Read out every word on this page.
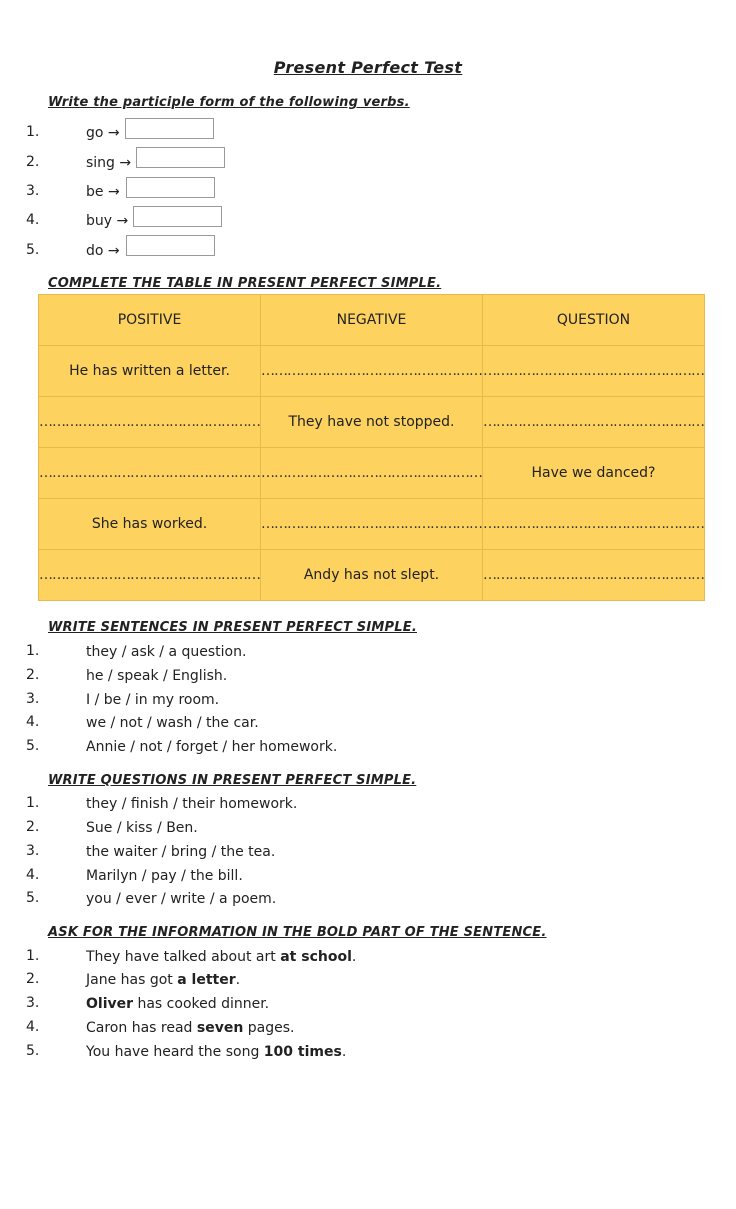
Present Perfect Test
Write the participle form of the following verbs.
1.	go →
2.	sing →
3.	be →
4.	buy →
5.	do →
COMPLETE THE TABLE IN PRESENT PERFECT SIMPLE.
POSITIVE	NEGATIVE	QUESTION
He has written a letter.	……………………………………………	……………………………………………
……………………………………………	They have not stopped.	……………………………………………
……………………………………………	……………………………………………	Have we danced?
She has worked.	……………………………………………	……………………………………………
……………………………………………	Andy has not slept.	……………………………………………
WRITE SENTENCES IN PRESENT PERFECT SIMPLE.
1.	they / ask / a question.
2.	he / speak / English.
3.	I / be / in my room.
4.	we / not / wash / the car.
5.	Annie / not / forget / her homework.
WRITE QUESTIONS IN PRESENT PERFECT SIMPLE.
1.	they / finish / their homework.
2.	Sue / kiss / Ben.
3.	the waiter / bring / the tea.
4.	Marilyn / pay / the bill.
5.	you / ever / write / a poem.
ASK FOR THE INFORMATION IN THE BOLD PART OF THE SENTENCE.
1.	They have talked about art at school.
2.	Jane has got a letter.
3.	Oliver has cooked dinner.
4.	Caron has read seven pages.
5.	You have heard the song 100 times.
